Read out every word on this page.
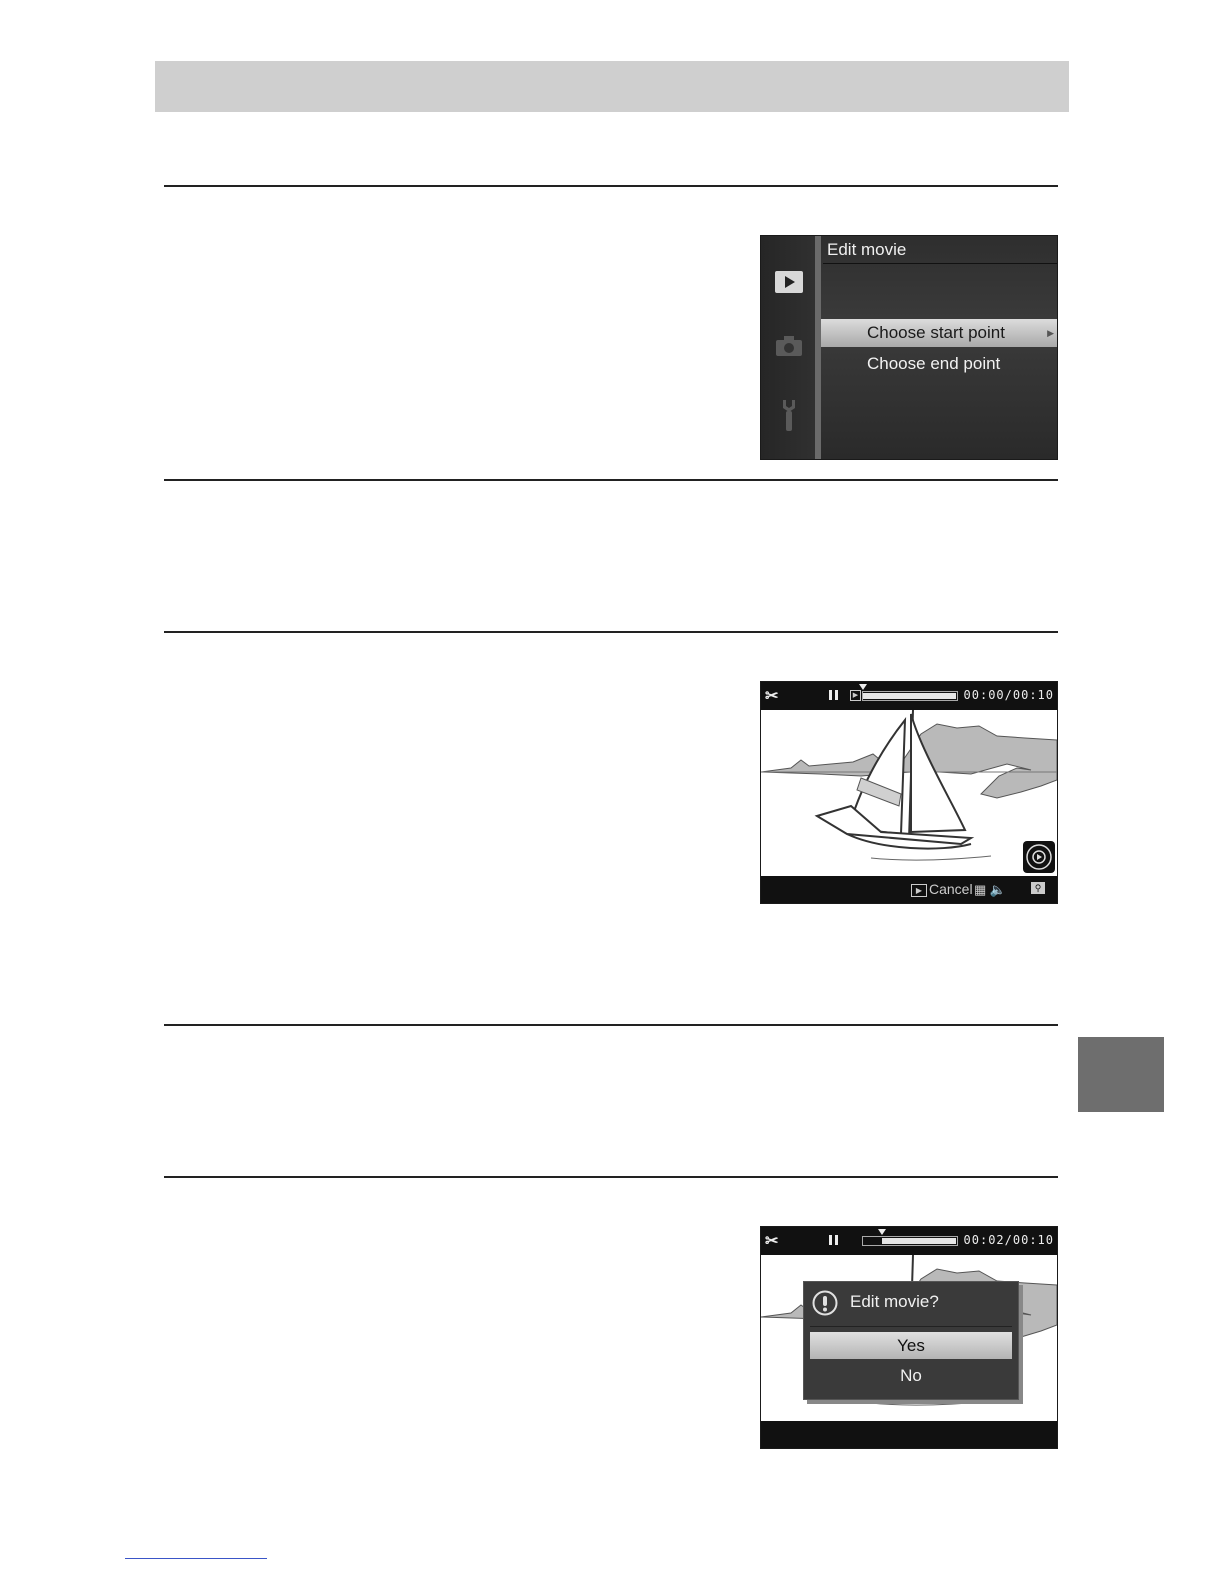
Edit movie
Choose start point	▶
Choose end point
✂	▶	00:00/00:10
▶ Cancel ▦ 🔈	⚲
✂	00:02/00:10
Edit movie?
Yes
No
